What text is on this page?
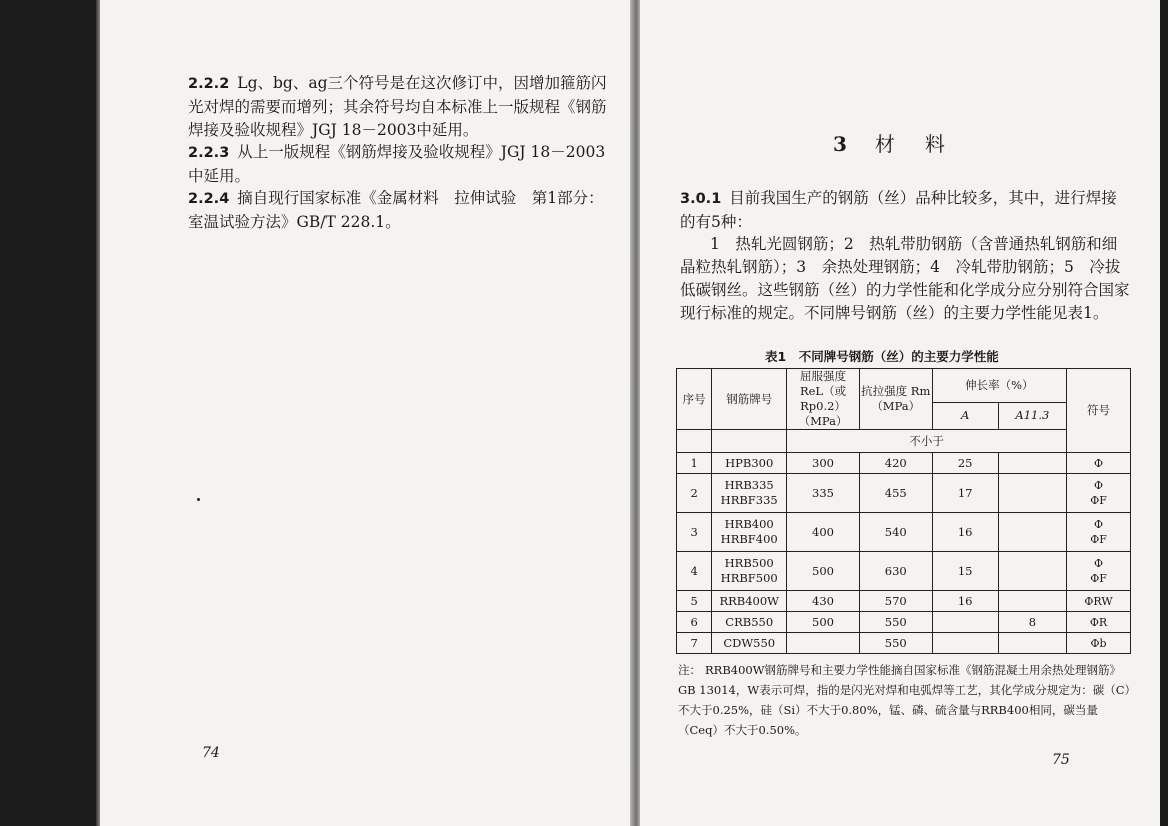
2.2.2 Lg、bg、ag三个符号是在这次修订中，因增加箍筋闪光对焊的需要而增列；其余符号均自本标准上一版规程《钢筋焊接及验收规程》JGJ 18－2003中延用。

2.2.3 从上一版规程《钢筋焊接及验收规程》JGJ 18－2003中延用。

2.2.4 摘自现行国家标准《金属材料　拉伸试验　第1部分：室温试验方法》GB/T 228.1。

74
3 材料

3.0.1 目前我国生产的钢筋（丝）品种比较多，其中，进行焊接的有5种：

1　热轧光圆钢筋；2　热轧带肋钢筋（含普通热轧钢筋和细晶粒热轧钢筋）；3　余热处理钢筋；4　冷轧带肋钢筋；5　冷拔低碳钢丝。这些钢筋（丝）的力学性能和化学成分应分别符合国家现行标准的规定。不同牌号钢筋（丝）的主要力学性能见表1。

表1　不同牌号钢筋（丝）的主要力学性能
序号	钢筋牌号	屈服强度 ReL（或 Rp0.2）（MPa）	抗拉强度 Rm（MPa）	伸长率（%）		符号
				A	A11.3	
		不小于				
1	HPB300	300	420	25		Φ
2	HRB335
HRBF335	335	455	17		Φ
ΦF
3	HRB400
HRBF400	400	540	16		Φ
ΦF
4	HRB500
HRBF500	500	630	15		Φ
ΦF
5	RRB400W	430	570	16		ΦRW
6	CRB550	500	550		8	ΦR
7	CDW550		550			Φb

注： RRB400W钢筋牌号和主要力学性能摘自国家标准《钢筋混凝土用余热处理钢筋》GB 13014，W表示可焊，指的是闪光对焊和电弧焊等工艺，其化学成分规定为：碳（C）不大于0.25%，硅（Si）不大于0.80%，锰、磷、硫含量与RRB400相同，碳当量（Ceq）不大于0.50%。

75
